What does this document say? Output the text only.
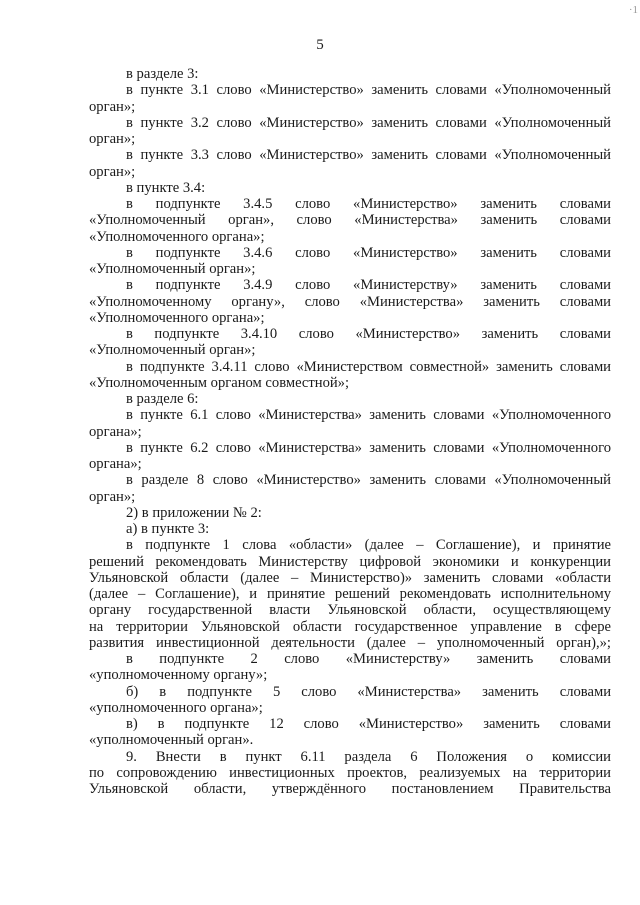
·1
5
в разделе 3:
в пункте 3.1 слово «Министерство» заменить словами «Уполномоченный
орган»;
в пункте 3.2 слово «Министерство» заменить словами «Уполномоченный
орган»;
в пункте 3.3 слово «Министерство» заменить словами «Уполномоченный
орган»;
в пункте 3.4:
в подпункте 3.4.5 слово «Министерство» заменить словами
«Уполномоченный орган», слово «Министерства» заменить словами
«Уполномоченного органа»;
в подпункте 3.4.6 слово «Министерство» заменить словами
«Уполномоченный орган»;
в подпункте 3.4.9 слово «Министерству» заменить словами
«Уполномоченному органу», слово «Министерства» заменить словами
«Уполномоченного органа»;
в подпункте 3.4.10 слово «Министерство» заменить словами
«Уполномоченный орган»;
в подпункте 3.4.11 слово «Министерством совместной» заменить словами
«Уполномоченным органом совместной»;
в разделе 6:
в пункте 6.1 слово «Министерства» заменить словами «Уполномоченного
органа»;
в пункте 6.2 слово «Министерства» заменить словами «Уполномоченного
органа»;
в разделе 8 слово «Министерство» заменить словами «Уполномоченный
орган»;
2) в приложении № 2:
а) в пункте 3:
в подпункте 1 слова «области» (далее – Соглашение), и принятие
решений рекомендовать Министерству цифровой экономики и конкуренции
Ульяновской области (далее – Министерство)» заменить словами «области
(далее – Соглашение), и принятие решений рекомендовать исполнительному
органу государственной власти Ульяновской области, осуществляющему
на территории Ульяновской области государственное управление в сфере
развития инвестиционной деятельности (далее – уполномоченный орган),»;
в подпункте 2 слово «Министерству» заменить словами
«уполномоченному органу»;
б) в подпункте 5 слово «Министерства» заменить словами
«уполномоченного органа»;
в) в подпункте 12 слово «Министерство» заменить словами
«уполномоченный орган».
9. Внести в пункт 6.11 раздела 6 Положения о комиссии
по сопровождению инвестиционных проектов, реализуемых на территории
Ульяновской области, утверждённого постановлением Правительства
